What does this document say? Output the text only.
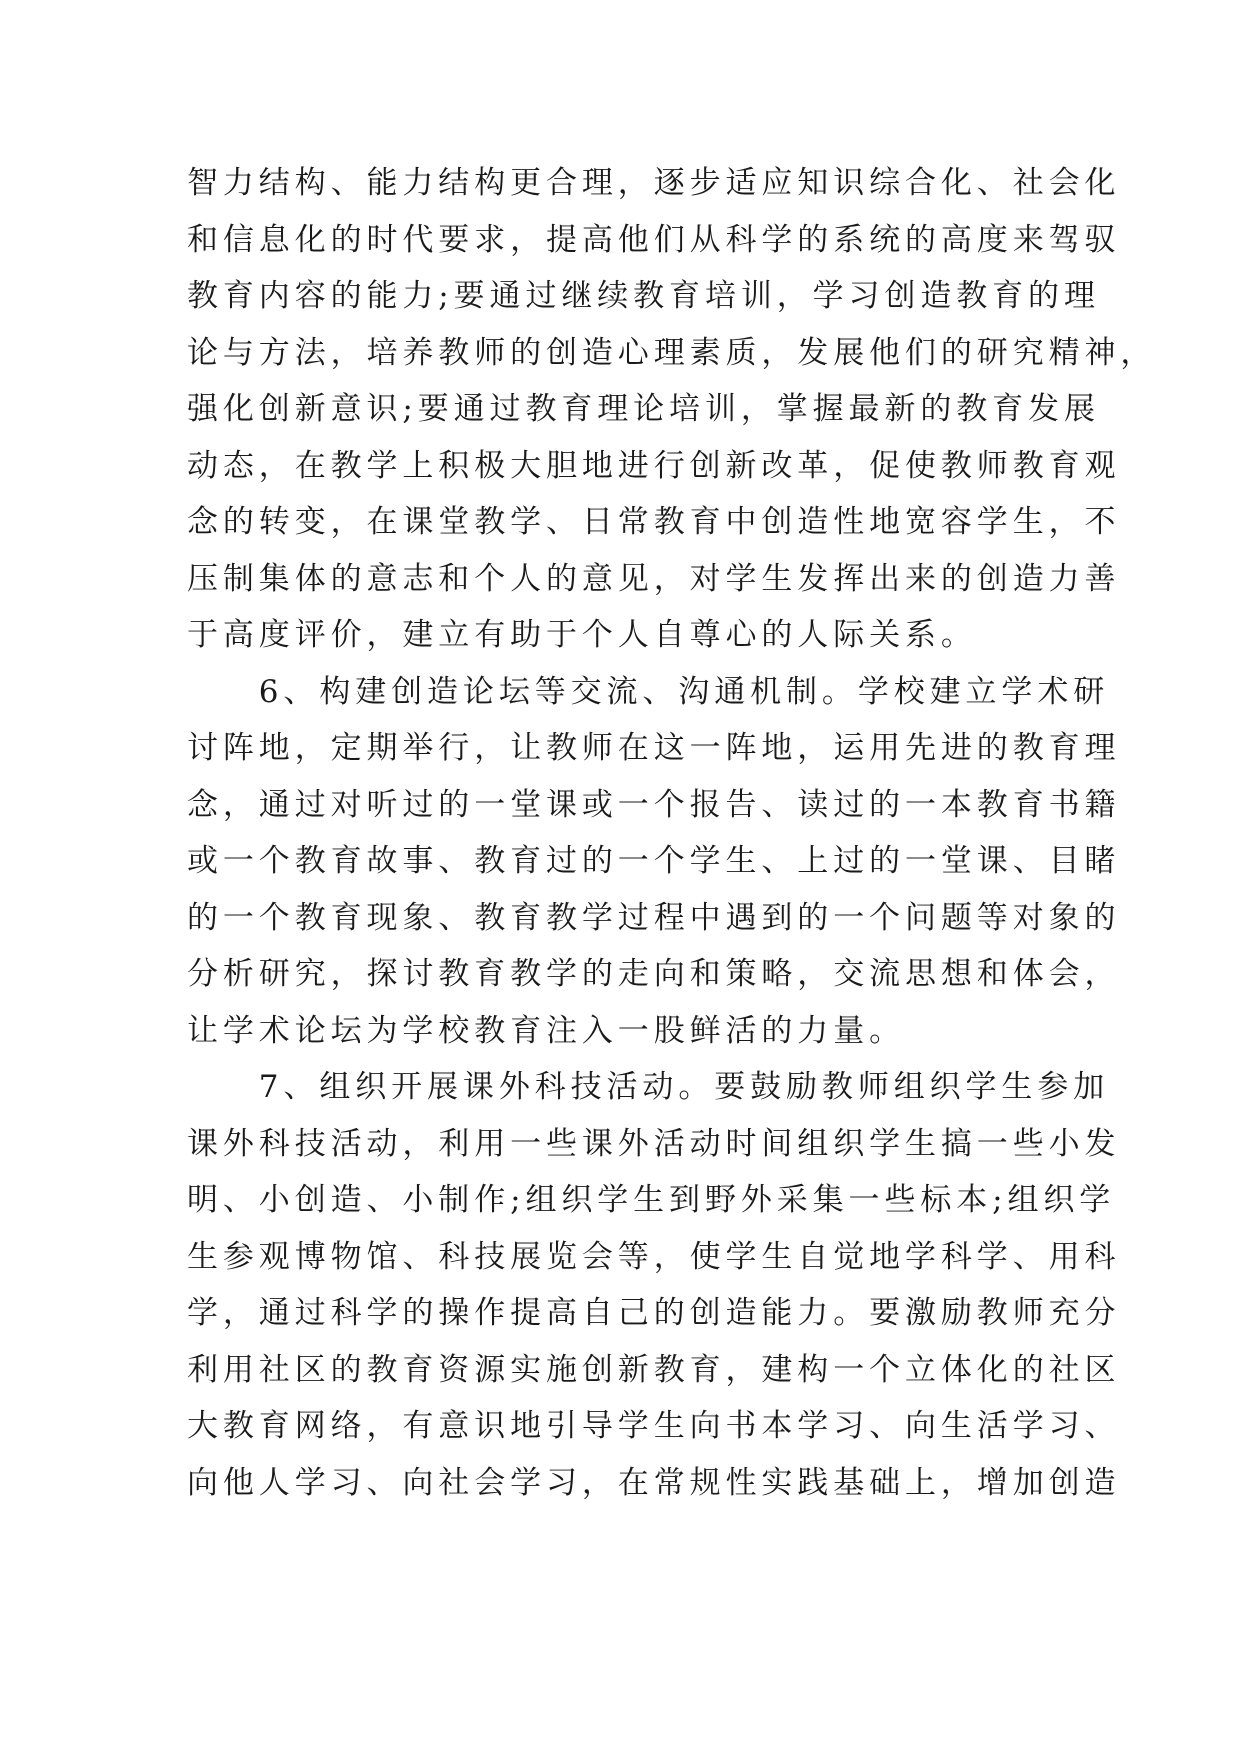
智力结构、能力结构更合理，逐步适应知识综合化、社会化
和信息化的时代要求，提高他们从科学的系统的高度来驾驭
教育内容的能力;要通过继续教育培训，学习创造教育的理
论与方法，培养教师的创造心理素质，发展他们的研究精神，
强化创新意识;要通过教育理论培训，掌握最新的教育发展
动态，在教学上积极大胆地进行创新改革，促使教师教育观
念的转变，在课堂教学、日常教育中创造性地宽容学生，不
压制集体的意志和个人的意见，对学生发挥出来的创造力善
于高度评价，建立有助于个人自尊心的人际关系。
　　6、构建创造论坛等交流、沟通机制。学校建立学术研
讨阵地，定期举行，让教师在这一阵地，运用先进的教育理
念，通过对听过的一堂课或一个报告、读过的一本教育书籍
或一个教育故事、教育过的一个学生、上过的一堂课、目睹
的一个教育现象、教育教学过程中遇到的一个问题等对象的
分析研究，探讨教育教学的走向和策略，交流思想和体会，
让学术论坛为学校教育注入一股鲜活的力量。
　　7、组织开展课外科技活动。要鼓励教师组织学生参加
课外科技活动，利用一些课外活动时间组织学生搞一些小发
明、小创造、小制作;组织学生到野外采集一些标本;组织学
生参观博物馆、科技展览会等，使学生自觉地学科学、用科
学，通过科学的操作提高自己的创造能力。要激励教师充分
利用社区的教育资源实施创新教育，建构一个立体化的社区
大教育网络，有意识地引导学生向书本学习、向生活学习、
向他人学习、向社会学习，在常规性实践基础上，增加创造
